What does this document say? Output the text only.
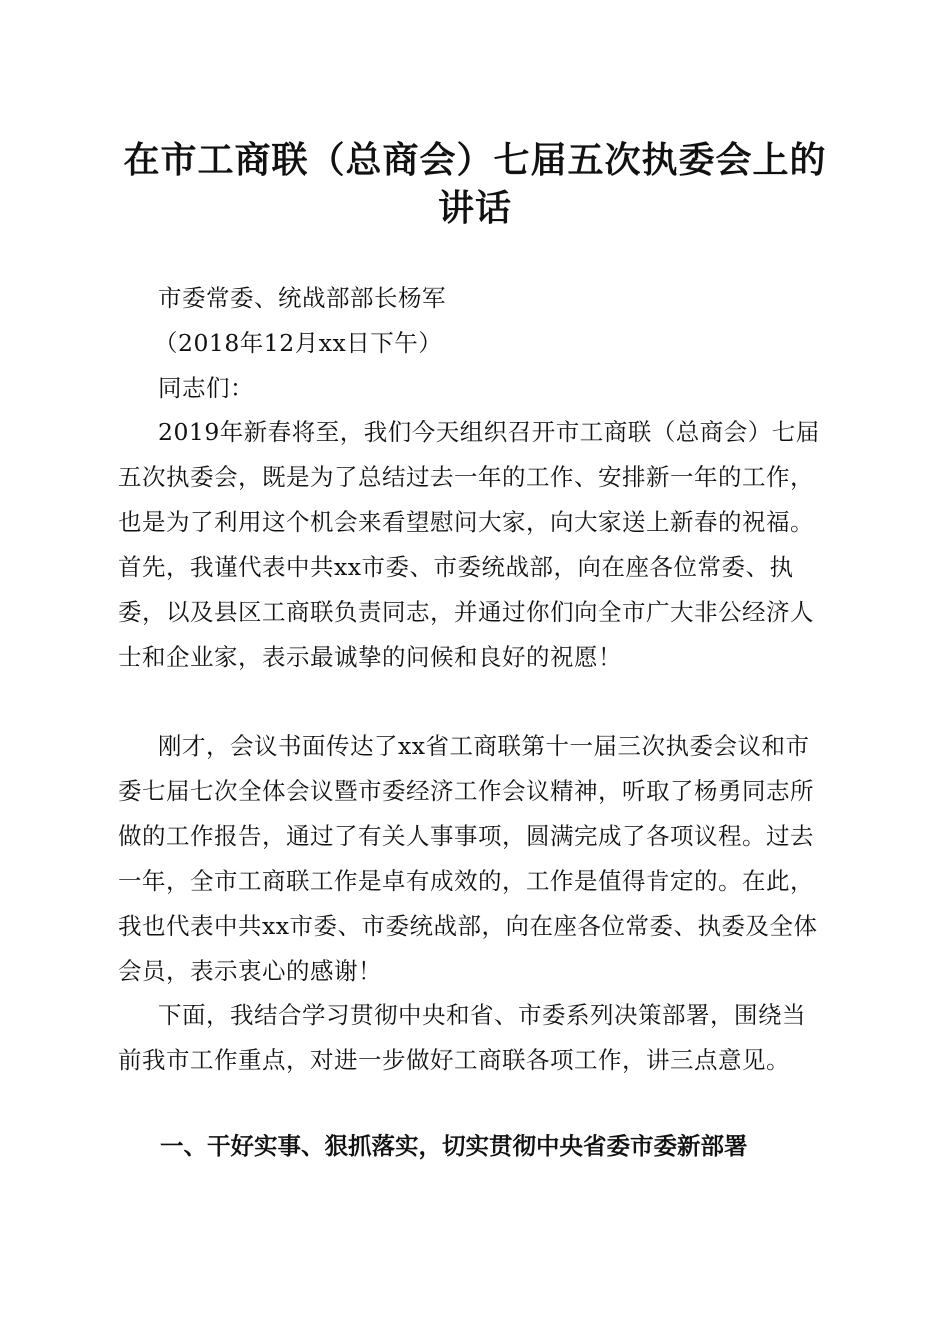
在市工商联（总商会）七届五次执委会上的讲话

市委常委、统战部部长杨军

（2018年12月xx日下午）

同志们：

2019年新春将至，我们今天组织召开市工商联（总商会）七届五次执委会，既是为了总结过去一年的工作、安排新一年的工作，也是为了利用这个机会来看望慰问大家，向大家送上新春的祝福。首先，我谨代表中共xx市委、市委统战部，向在座各位常委、执委，以及县区工商联负责同志，并通过你们向全市广大非公经济人士和企业家，表示最诚挚的问候和良好的祝愿！

刚才，会议书面传达了xx省工商联第十一届三次执委会议和市委七届七次全体会议暨市委经济工作会议精神，听取了杨勇同志所做的工作报告，通过了有关人事事项，圆满完成了各项议程。过去一年，全市工商联工作是卓有成效的，工作是值得肯定的。在此，我也代表中共xx市委、市委统战部，向在座各位常委、执委及全体会员，表示衷心的感谢！

下面，我结合学习贯彻中央和省、市委系列决策部署，围绕当前我市工作重点，对进一步做好工商联各项工作，讲三点意见。

一、干好实事、狠抓落实，切实贯彻中央省委市委新部署
